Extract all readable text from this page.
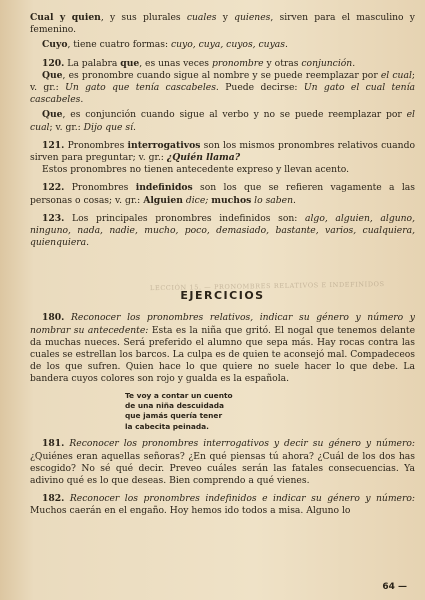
Cual y quien, y sus plurales cuales y quienes, sirven para el masculino y femenino.

Cuyo, tiene cuatro formas: cuyo, cuya, cuyos, cuyas.

120. La palabra que, es unas veces pronombre y otras conjunción.

Que, es pronombre cuando sigue al nombre y se puede reemplazar por el cual; v. gr.: Un gato que tenía cascabeles. Puede decirse: Un gato el cual tenía cascabeles.

Que, es conjunción cuando sigue al verbo y no se puede reemplazar por el cual; v. gr.: Dijo que sí.

121. Pronombres interrogativos son los mismos pronombres relativos cuando sirven para preguntar; v. gr.: ¿Quién llama?

Estos pronombres no tienen antecedente expreso y llevan acento.

122. Pronombres indefinidos son los que se refieren vagamente a las personas o cosas; v. gr.: Alguien dice; muchos lo saben.

123. Los principales pronombres indefinidos son: algo, alguien, alguno, ninguno, nada, nadie, mucho, poco, demasiado, bastante, varios, cualquiera, quienquiera.

LECCIÓN 15. — PRONOMBRES RELATIVOS E INDEFINIDOS
EJERCICIOS

180. Reconocer los pronombres relativos, indicar su género y número y nombrar su antecedente: Esta es la niña que gritó. El nogal que tenemos delante da muchas nueces. Será preferido el alumno que sepa más. Hay rocas contra las cuales se estrellan los barcos. La culpa es de quien te aconsejó mal. Compadeceos de los que sufren. Quien hace lo que quiere no suele hacer lo que debe. La bandera cuyos colores son rojo y gualda es la española.

Te voy a contar un cuento
de una niña descuidada
que jamás quería tener
la cabecita peinada.

181. Reconocer los pronombres interrogativos y decir su género y número: ¿Quiénes eran aquellas señoras? ¿En qué piensas tú ahora? ¿Cuál de los dos has escogido? No sé qué decir. Preveo cuáles serán las fatales consecuencias. Ya adivino qué es lo que deseas. Bien comprendo a qué vienes.

182. Reconocer los pronombres indefinidos e indicar su género y número: Muchos caerán en el engaño. Hoy hemos ido todos a misa. Alguno lo

64 —
